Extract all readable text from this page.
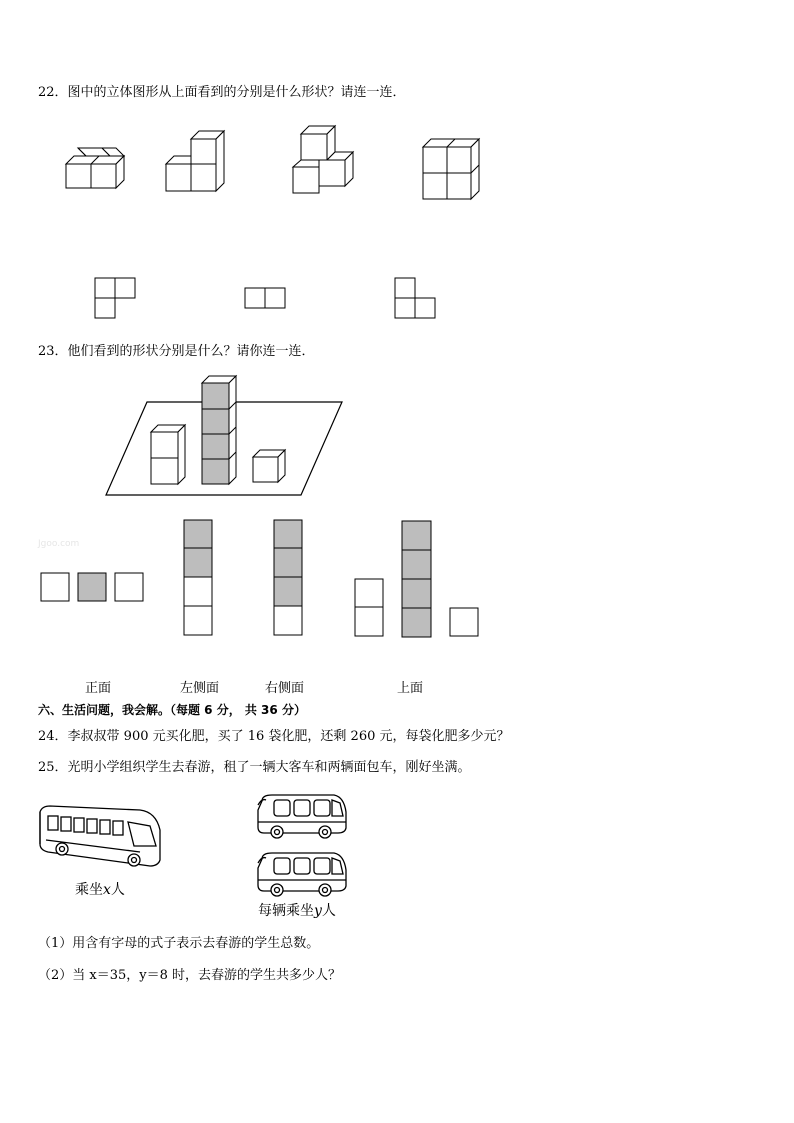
22．图中的立体图形从上面看到的分别是什么形状？请连一连．
23．他们看到的形状分别是什么？请你连一连．
Jgoo.com
正面	左侧面	右侧面	上面
六、生活问题，我会解。（每题 6 分， 共 36 分）
24．李叔叔带 900 元买化肥，买了 16 袋化肥，还剩 260 元，每袋化肥多少元？
25．光明小学组织学生去春游，租了一辆大客车和两辆面包车，刚好坐满。
乘坐x人
每辆乘坐y人
（1）用含有字母的式子表示去春游的学生总数。
（2）当 x＝35，y＝8 时，去春游的学生共多少人？
